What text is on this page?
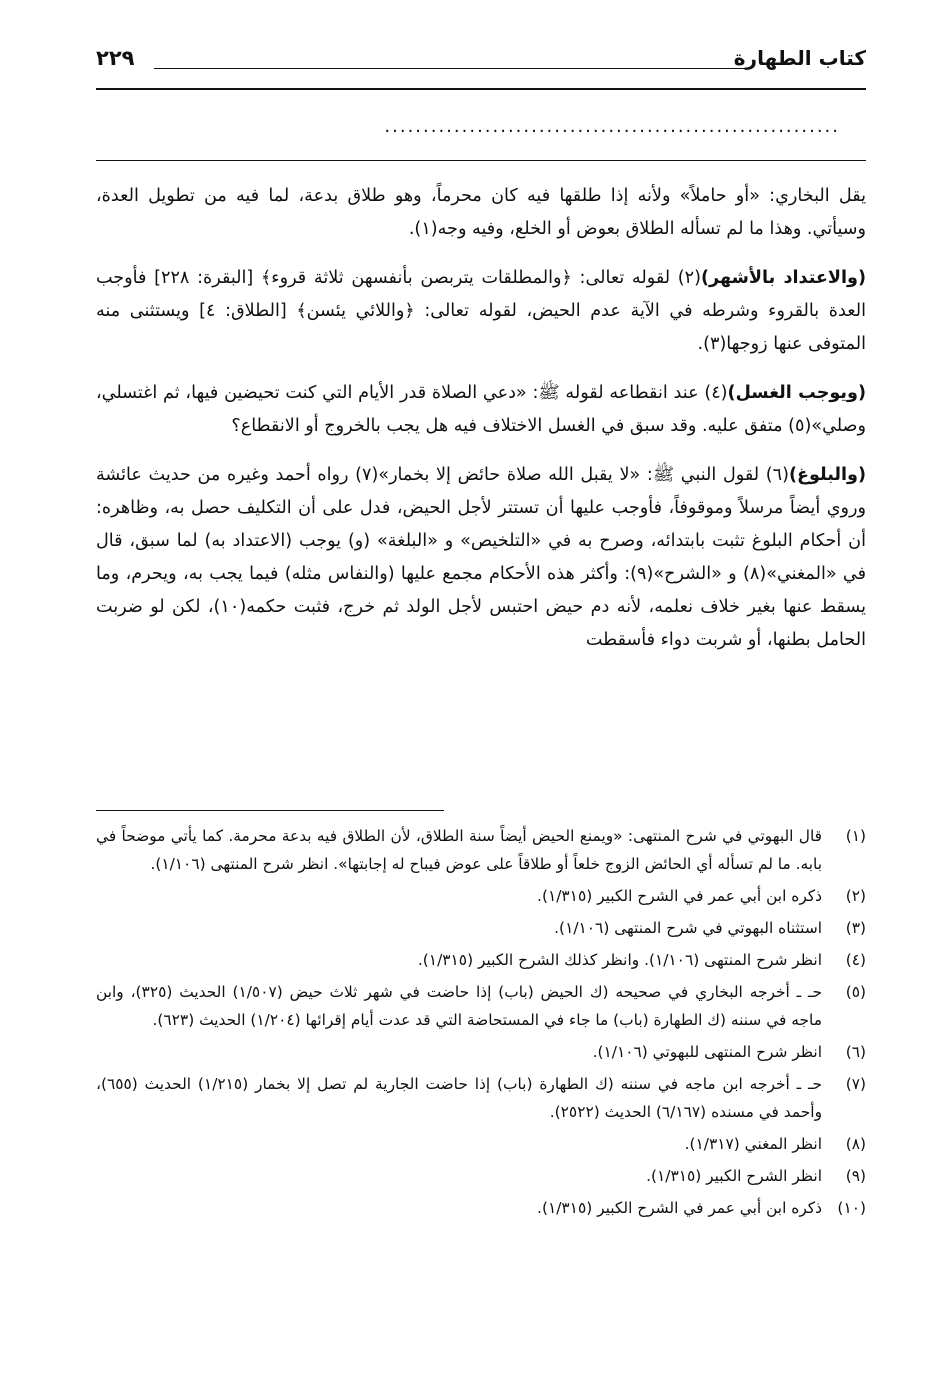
كتاب الطهارة
٢٢٩
...........................................................

يقل البخاري: «أو حاملاً» ولأنه إذا طلقها فيه كان محرماً، وهو طلاق بدعة، لما فيه من تطويل العدة، وسيأتي. وهذا ما لم تسأله الطلاق بعوض أو الخلع، وفيه وجه(١).

(والاعتداد بالأشهر)(٢) لقوله تعالى: ﴿والمطلقات يتربصن بأنفسهن ثلاثة قروء﴾ [البقرة: ٢٢٨] فأوجب العدة بالقروء وشرطه في الآية عدم الحيض، لقوله تعالى: ﴿واللائي يئسن﴾ [الطلاق: ٤] ويستثنى منه المتوفى عنها زوجها(٣).

(ويوجب الغسل)(٤) عند انقطاعه لقوله ﷺ: «دعي الصلاة قدر الأيام التي كنت تحيضين فيها، ثم اغتسلي، وصلي»(٥) متفق عليه. وقد سبق في الغسل الاختلاف فيه هل يجب بالخروج أو الانقطاع؟

(والبلوغ)(٦) لقول النبي ﷺ: «لا يقبل الله صلاة حائض إلا بخمار»(٧) رواه أحمد وغيره من حديث عائشة وروي أيضاً مرسلاً وموقوفاً، فأوجب عليها أن تستتر لأجل الحيض، فدل على أن التكليف حصل به، وظاهره: أن أحكام البلوغ تثبت بابتدائه، وصرح به في «التلخيص» و «البلغة» (و) يوجب (الاعتداد به) لما سبق، قال في «المغني»(٨) و «الشرح»(٩): وأكثر هذه الأحكام مجمع عليها (والنفاس مثله) فيما يجب به، ويحرم، وما يسقط عنها بغير خلاف نعلمه، لأنه دم حيض احتبس لأجل الولد ثم خرج، فثبت حكمه(١٠)، لكن لو ضربت الحامل بطنها، أو شربت دواء فأسقطت

(١)
قال البهوتي في شرح المنتهى: «ويمنع الحيض أيضاً سنة الطلاق، لأن الطلاق فيه بدعة محرمة. كما يأتي موضحاً في بابه. ما لم تسأله أي الحائض الزوج خلعاً أو طلاقاً على عوض فيباح له إجابتها». انظر شرح المنتهى (١/١٠٦).
(٢)
ذكره ابن أبي عمر في الشرح الكبير (١/٣١٥).
(٣)
استثناه البهوتي في شرح المنتهى (١/١٠٦).
(٤)
انظر شرح المنتهى (١/١٠٦). وانظر كذلك الشرح الكبير (١/٣١٥).
(٥)
حـ ـ أخرجه البخاري في صحيحه (ك الحيض (باب) إذا حاضت في شهر ثلاث حيض (١/٥٠٧) الحديث (٣٢٥)، وابن ماجه في سننه (ك الطهارة (باب) ما جاء في المستحاضة التي قد عدت أيام إقرائها (١/٢٠٤) الحديث (٦٢٣).
(٦)
انظر شرح المنتهى للبهوتي (١/١٠٦).
(٧)
حـ ـ أخرجه ابن ماجه في سننه (ك الطهارة (باب) إذا حاضت الجارية لم تصل إلا بخمار (١/٢١٥) الحديث (٦٥٥)، وأحمد في مسنده (٦/١٦٧) الحديث (٢٥٢٢).
(٨)
انظر المغني (١/٣١٧).
(٩)
انظر الشرح الكبير (١/٣١٥).
(١٠)
ذكره ابن أبي عمر في الشرح الكبير (١/٣١٥).
